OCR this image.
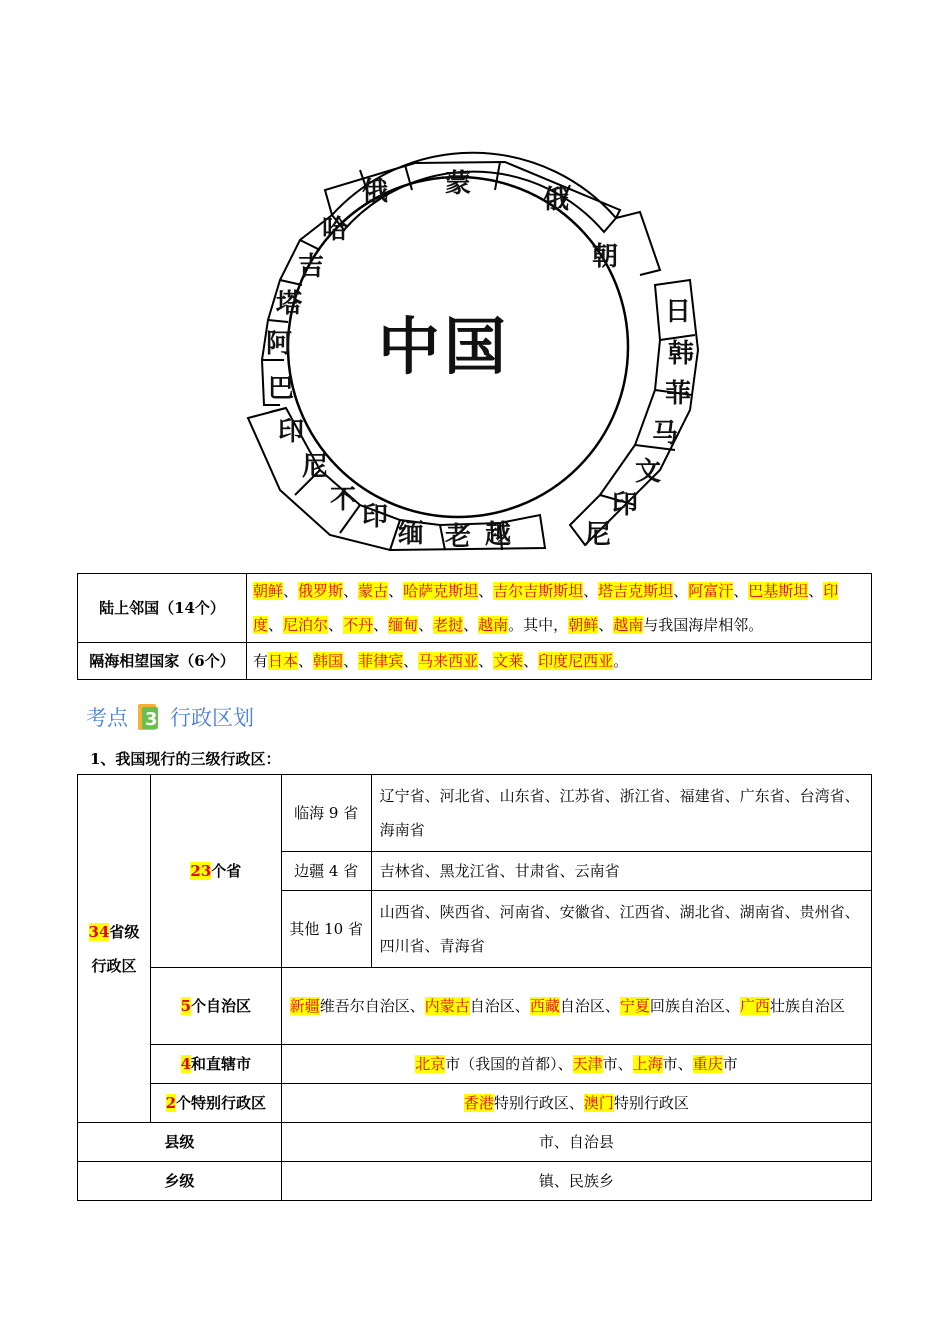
中国
俄 蒙
俄
朝
哈
吉
塔
阿
巴
印
尼
不
印
缅 老 越
日
韩
菲
马
文
印
尼
陆上邻国（14个）	朝鲜、俄罗斯、蒙古、哈萨克斯坦、吉尔吉斯斯坦、塔吉克斯坦、阿富汗、巴基斯坦、印度、尼泊尔、不丹、缅甸、老挝、越南。其中，朝鲜、越南与我国海岸相邻。
隔海相望国家（6个）	有日本、韩国、菲律宾、马来西亚、文莱、印度尼西亚。
考点 3 行政区划
1、我国现行的三级行政区：
34省级
行政区	23个省	临海 9 省	辽宁省、河北省、山东省、江苏省、浙江省、福建省、广东省、台湾省、海南省
		边疆 4 省	吉林省、黑龙江省、甘肃省、云南省
		其他 10 省	山西省、陕西省、河南省、安徽省、江西省、湖北省、湖南省、贵州省、四川省、青海省
	5个自治区	新疆维吾尔自治区、内蒙古自治区、西藏自治区、宁夏回族自治区、广西壮族自治区	
	4和直辖市	北京市（我国的首都）、天津市、上海市、重庆市	
	2个特别行政区	香港特别行政区、澳门特别行政区	
县级		市、自治县	
乡级		镇、民族乡	
